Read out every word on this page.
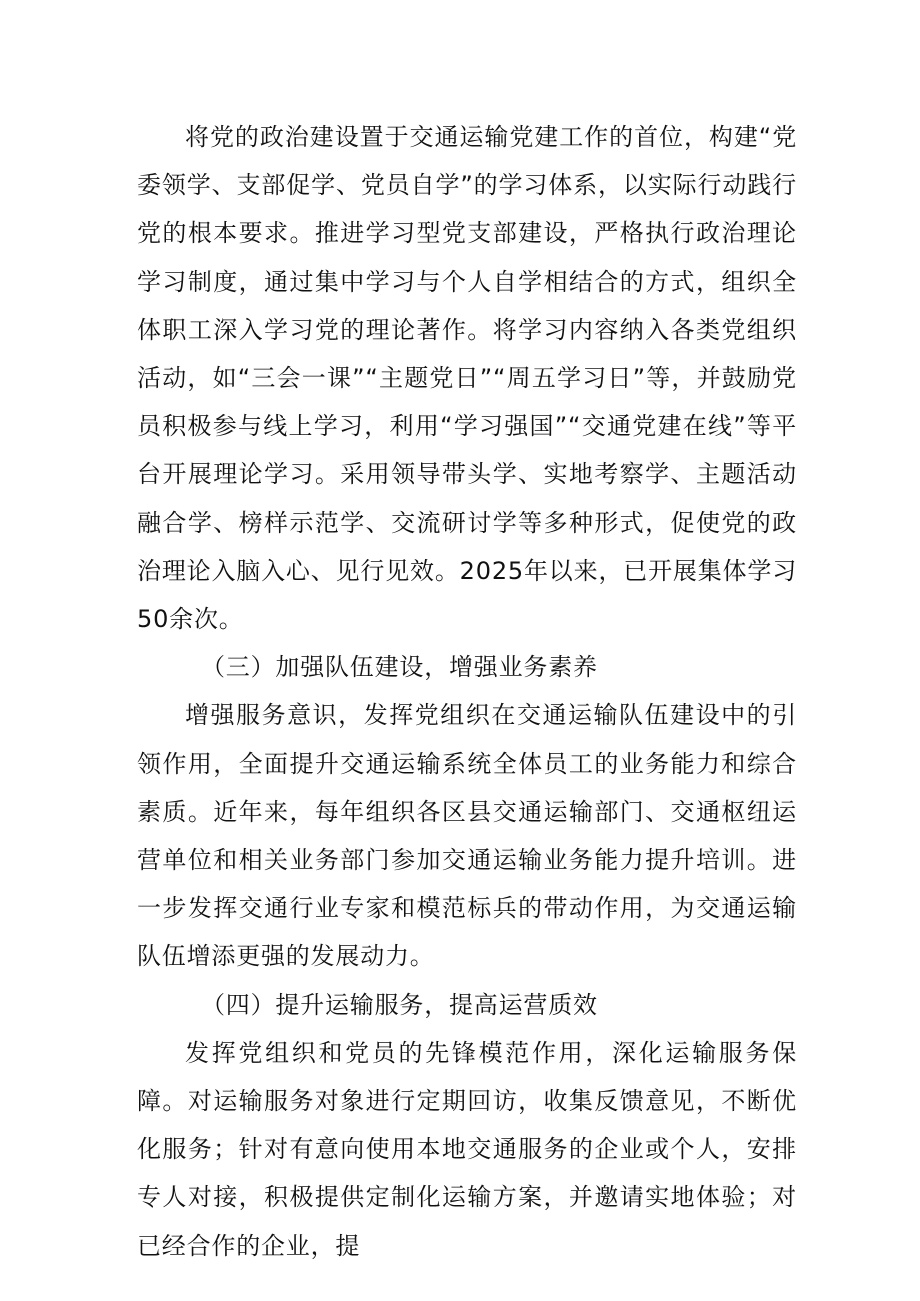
将党的政治建设置于交通运输党建工作的首位，构建“党委领学、支部促学、党员自学”的学习体系，以实际行动践行党的根本要求。推进学习型党支部建设，严格执行政治理论学习制度，通过集中学习与个人自学相结合的方式，组织全体职工深入学习党的理论著作。将学习内容纳入各类党组织活动，如“三会一课”“主题党日”“周五学习日”等，并鼓励党员积极参与线上学习，利用“学习强国”“交通党建在线”等平台开展理论学习。采用领导带头学、实地考察学、主题活动融合学、榜样示范学、交流研讨学等多种形式，促使党的政治理论入脑入心、见行见效。2025年以来，已开展集体学习50余次。

（三）加强队伍建设，增强业务素养

增强服务意识，发挥党组织在交通运输队伍建设中的引领作用，全面提升交通运输系统全体员工的业务能力和综合素质。近年来，每年组织各区县交通运输部门、交通枢纽运营单位和相关业务部门参加交通运输业务能力提升培训。进一步发挥交通行业专家和模范标兵的带动作用，为交通运输队伍增添更强的发展动力。

（四）提升运输服务，提高运营质效

发挥党组织和党员的先锋模范作用，深化运输服务保障。对运输服务对象进行定期回访，收集反馈意见，不断优化服务；针对有意向使用本地交通服务的企业或个人，安排专人对接，积极提供定制化运输方案，并邀请实地体验；对已经合作的企业，提
